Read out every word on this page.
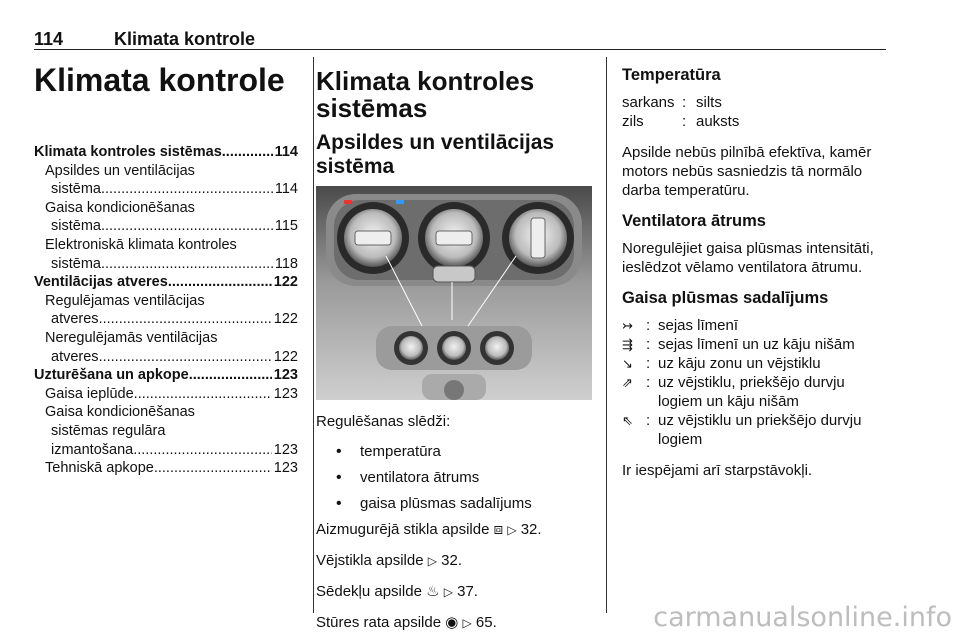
114	Klimata kontrole
Klimata kontrole
Klimata kontroles sistēmas .....	114
Apsildes un ventilācijas
sistēma .....	114
Gaisa kondicionēšanas
sistēma .....	115
Elektroniskā klimata kontroles
sistēma .....	118
Ventilācijas atveres .....	122
Regulējamas ventilācijas
atveres .....	122
Neregulējamās ventilācijas
atveres .....	122
Uzturēšana un apkope .....	123
Gaisa ieplūde .....	123
Gaisa kondicionēšanas
sistēmas regulāra
izmantošana .....	123
Tehniskā apkope .....	123
Klimata kontroles sistēmas
Apsildes un ventilācijas sistēma

Regulēšanas slēdži:

• temperatūra
• ventilatora ātrums
• gaisa plūsmas sadalījums

Aizmugurējā stikla apsilde ⧈ ▷ 32.

Vējstikla apsilde ▷ 32.

Sēdekļu apsilde ♨ ▷ 37.

Stūres rata apsilde ◉ ▷ 65.

Temperatūra
sarkans : silts
zils	: auksts

Apsilde nebūs pilnībā efektīva, kamēr motors nebūs sasniedzis tā normālo darba temperatūru.

Ventilatora ātrums

Noregulējiet gaisa plūsmas intensitāti, ieslēdzot vēlamo ventilatora ātrumu.

Gaisa plūsmas sadalījums
↣ : sejas līmenī
⇶ : sejas līmenī un uz kāju nišām
↘ : uz kāju zonu un vējstiklu
⇗ : uz vējstiklu, priekšējo durvju logiem un kāju nišām
⇖ : uz vējstiklu un priekšējo durvju logiem

Ir iespējami arī starpstāvokļi.

carmanualsonline.info
